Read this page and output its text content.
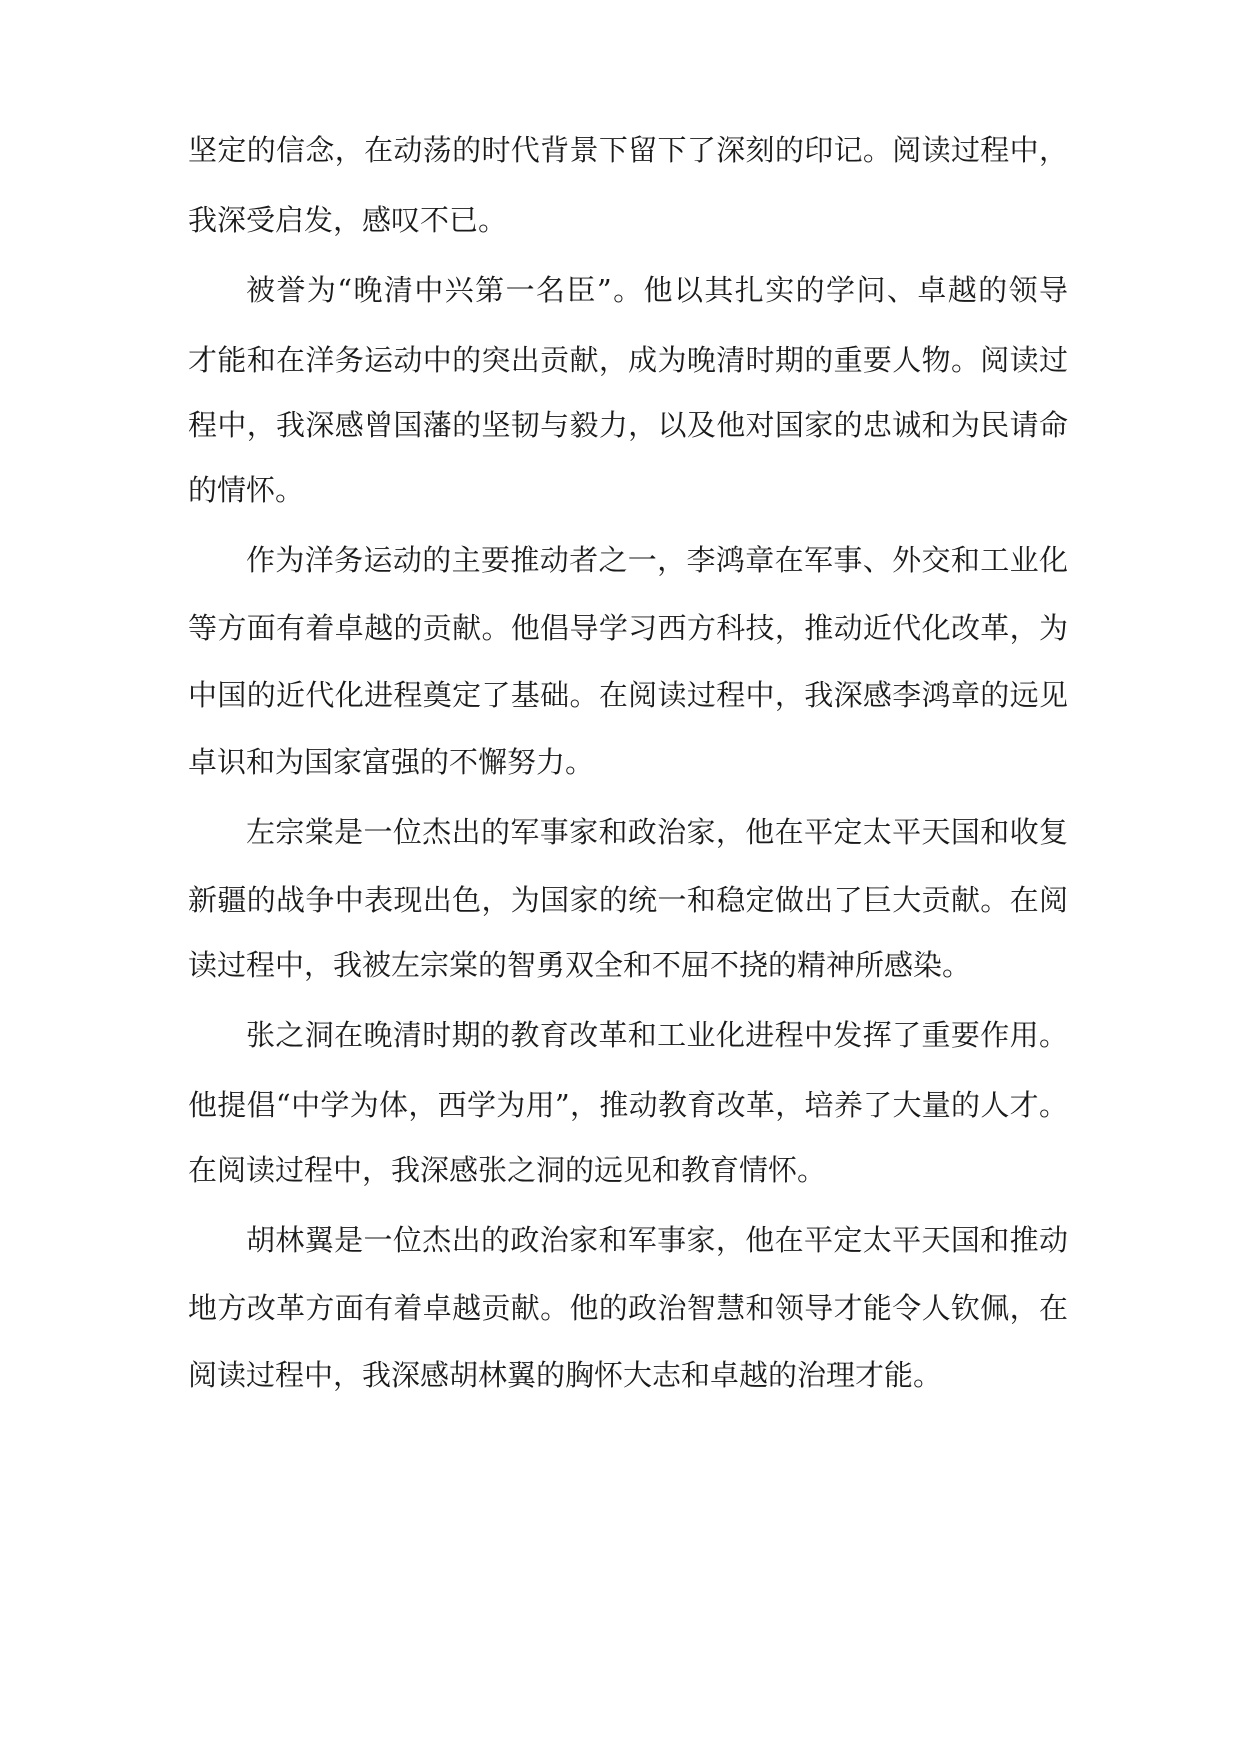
坚定的信念，在动荡的时代背景下留下了深刻的印记。阅读过程中，
我深受启发，感叹不已。
被誉为“晚清中兴第一名臣”。他以其扎实的学问、卓越的领导
才能和在洋务运动中的突出贡献，成为晚清时期的重要人物。阅读过
程中，我深感曾国藩的坚韧与毅力，以及他对国家的忠诚和为民请命
的情怀。
作为洋务运动的主要推动者之一，李鸿章在军事、外交和工业化
等方面有着卓越的贡献。他倡导学习西方科技，推动近代化改革，为
中国的近代化进程奠定了基础。在阅读过程中，我深感李鸿章的远见
卓识和为国家富强的不懈努力。
左宗棠是一位杰出的军事家和政治家，他在平定太平天国和收复
新疆的战争中表现出色，为国家的统一和稳定做出了巨大贡献。在阅
读过程中，我被左宗棠的智勇双全和不屈不挠的精神所感染。
张之洞在晚清时期的教育改革和工业化进程中发挥了重要作用。
他提倡“中学为体，西学为用”，推动教育改革，培养了大量的人才。
在阅读过程中，我深感张之洞的远见和教育情怀。
胡林翼是一位杰出的政治家和军事家，他在平定太平天国和推动
地方改革方面有着卓越贡献。他的政治智慧和领导才能令人钦佩，在
阅读过程中，我深感胡林翼的胸怀大志和卓越的治理才能。
